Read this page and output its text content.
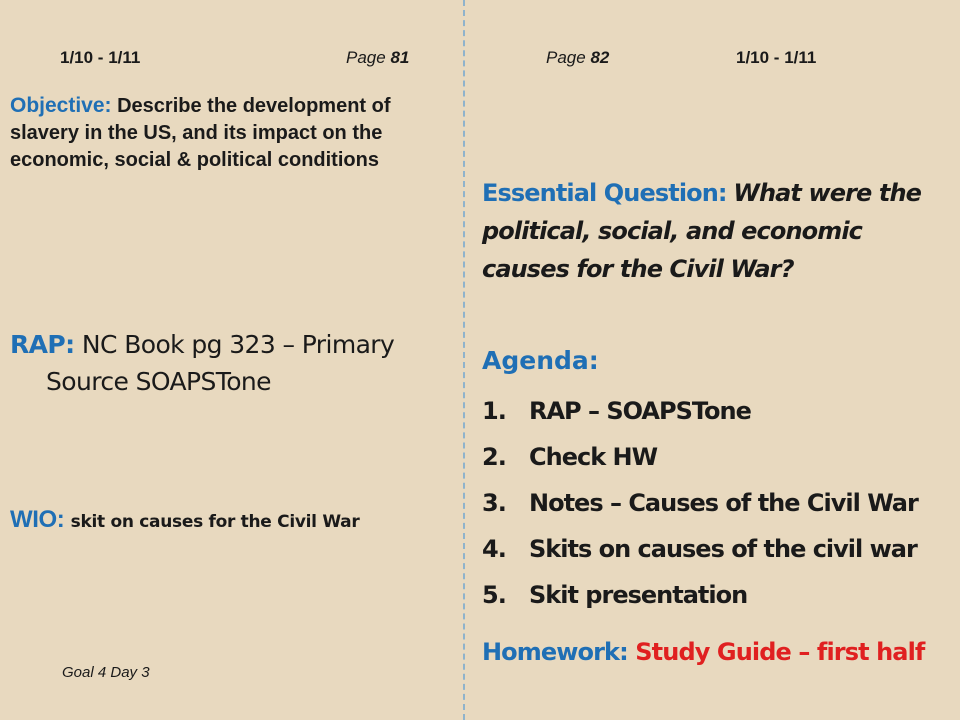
1/10 - 1/11	Page 81
Objective: Describe the development of slavery in the US, and its impact on the economic, social & political conditions
RAP: NC Book pg 323 – Primary
Source SOAPSTone
WIO: skit on causes for the Civil War
Goal 4 Day 3
Page 82	1/10 - 1/11
Essential Question: What were the political, social, and economic causes for the Civil War?
Agenda:
1. RAP – SOAPSTone
2. Check HW
3. Notes – Causes of the Civil War
4. Skits on causes of the civil war
5. Skit presentation
Homework: Study Guide – first half
